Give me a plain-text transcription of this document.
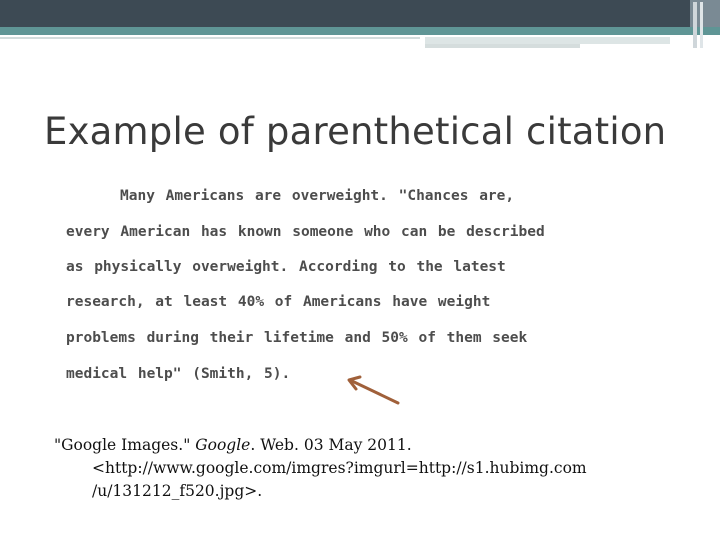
Example of parenthetical citation

Many Americans are overweight. "Chances are,

every American has known someone who can be described

as physically overweight. According to the latest

research, at least 40% of Americans have weight

problems during their lifetime and 50% of them seek

medical help" (Smith, 5).

"Google Images." Google. Web. 03 May 2011.
<http://www.google.com/imgres?imgurl=http://s1.hubimg.com
/u/131212_f520.jpg>.
